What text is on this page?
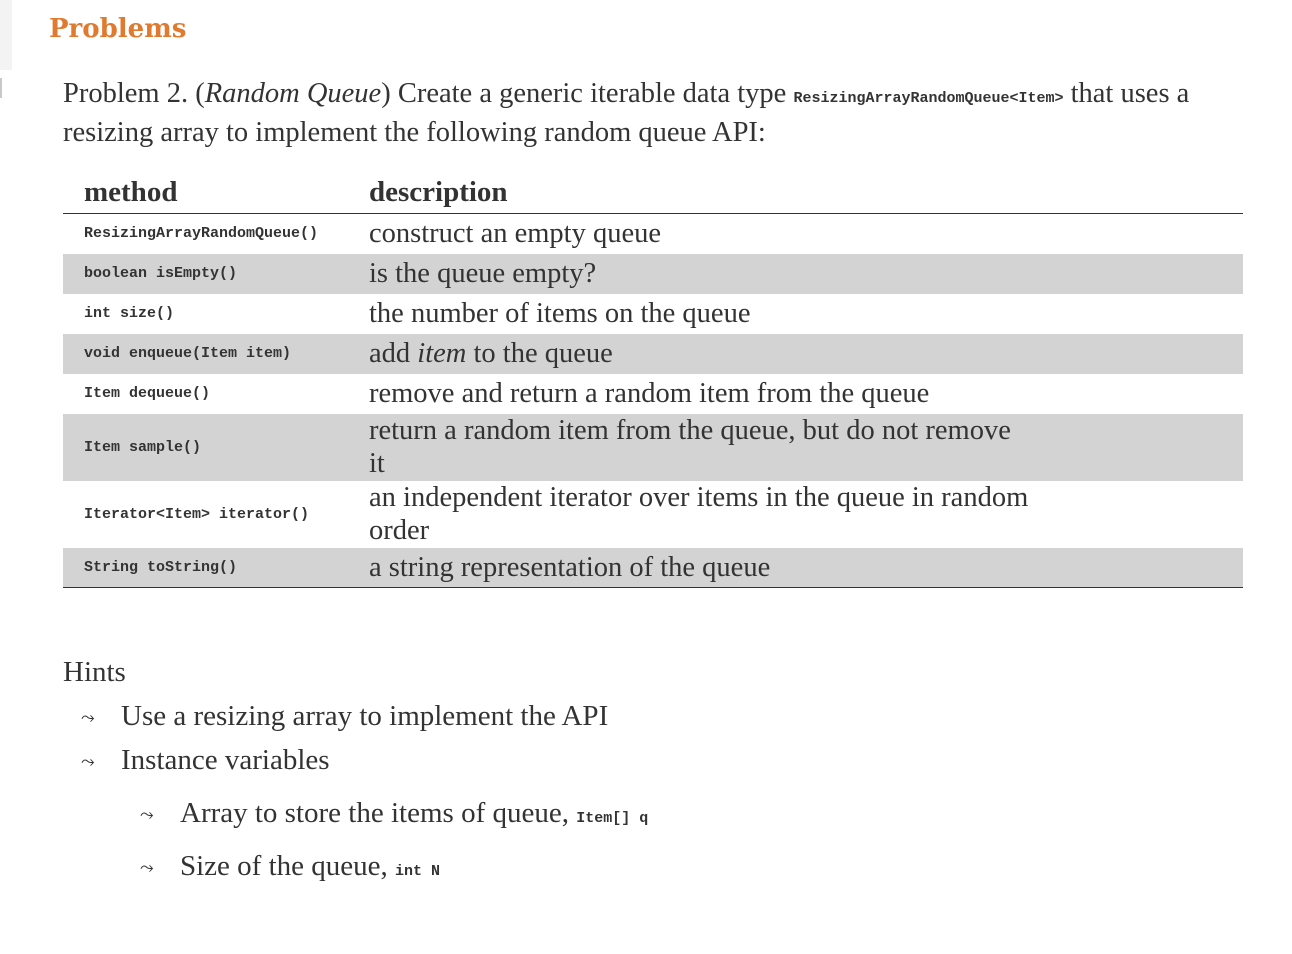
Problems
Problem 2. (Random Queue) Create a generic iterable data type ResizingArrayRandomQueue<Item> that uses a resizing array to implement the following random queue API:
method	description
ResizingArrayRandomQueue()	construct an empty queue

boolean isEmpty()	is the queue empty?

int size()	the number of items on the queue

void enqueue(Item item)	add item to the queue

Item dequeue()	remove and return a random item from the queue

Item sample()	return a random item from the queue, but do not remove it

Iterator<Item> iterator()	an independent iterator over items in the queue in random order

String toString()	a string representation of the queue
Hints
⤳ Use a resizing array to implement the API
⤳ Instance variables
⤳ Array to store the items of queue, Item[] q
⤳ Size of the queue, int N
